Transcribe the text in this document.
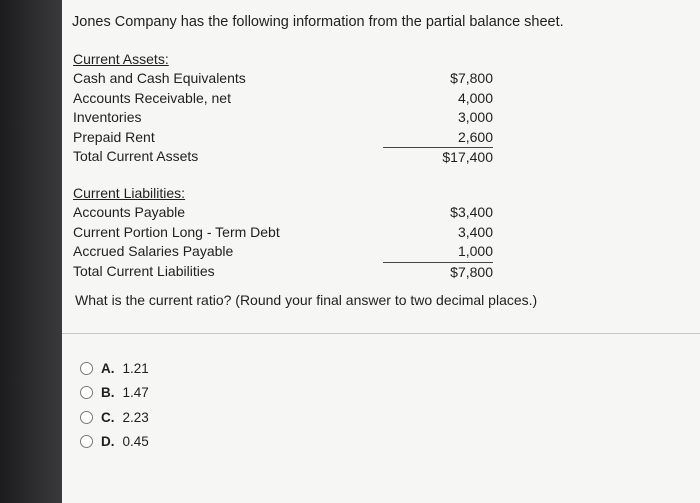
Jones Company has the following information from the partial balance sheet.
Current Assets:
Cash and Cash Equivalents	$7,800
Accounts Receivable, net	4,000
Inventories	3,000
Prepaid Rent	2,600
Total Current Assets	$17,400
Current Liabilities:
Accounts Payable	$3,400
Current Portion Long - Term Debt	3,400
Accrued Salaries Payable	1,000
Total Current Liabilities	$7,800
What is the current ratio? (Round your final answer to two decimal places.)
A. 1.21
B. 1.47
C. 2.23
D. 0.45
